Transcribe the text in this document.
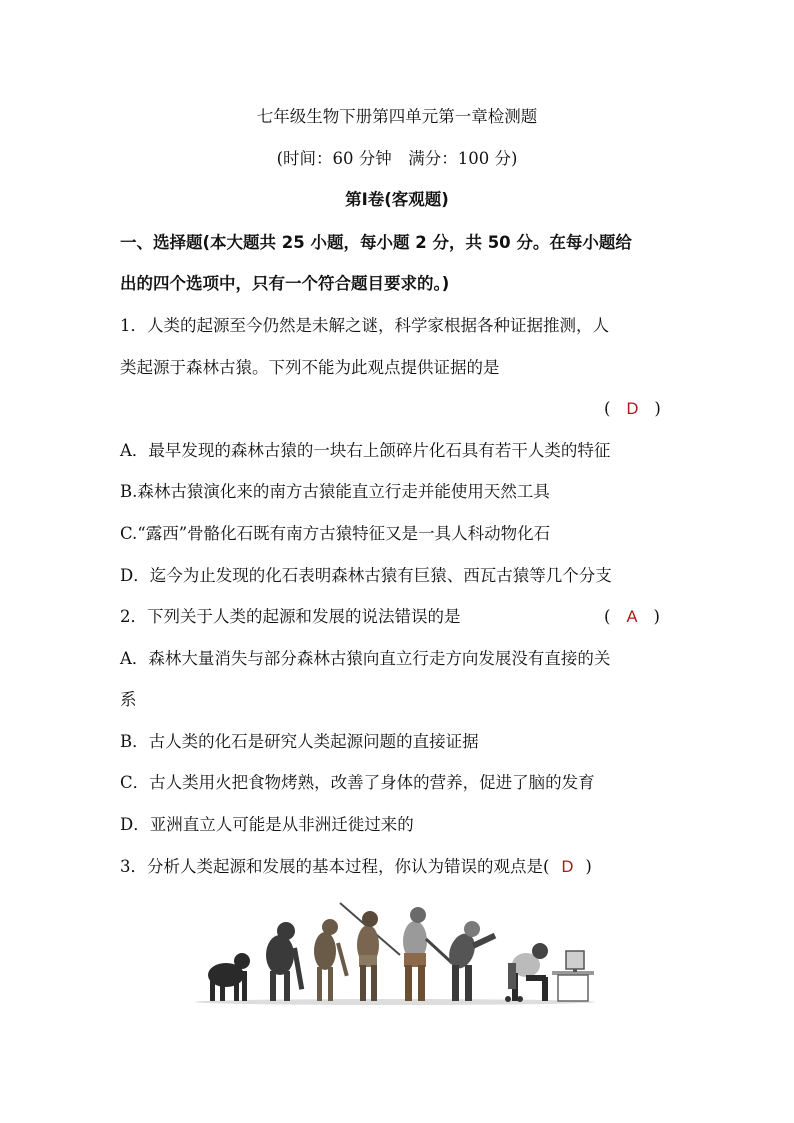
七年级生物下册第四单元第一章检测题
(时间：60 分钟　满分：100 分)
第Ⅰ卷(客观题)
一、选择题(本大题共 25 小题，每小题 2 分，共 50 分。在每小题给
出的四个选项中，只有一个符合题目要求的。)
1．人类的起源至今仍然是未解之谜，科学家根据各种证据推测，人
类起源于森林古猿。下列不能为此观点提供证据的是
( D )
A．最早发现的森林古猿的一块右上颌碎片化石具有若干人类的特征
B.森林古猿演化来的南方古猿能直立行走并能使用天然工具
C.“露西”骨骼化石既有南方古猿特征又是一具人科动物化石
D．迄今为止发现的化石表明森林古猿有巨猿、西瓦古猿等几个分支
2．下列关于人类的起源和发展的说法错误的是	( A )
A．森林大量消失与部分森林古猿向直立行走方向发展没有直接的关
系
B．古人类的化石是研究人类起源问题的直接证据
C．古人类用火把食物烤熟，改善了身体的营养，促进了脑的发育
D．亚洲直立人可能是从非洲迁徙过来的
3．分析人类起源和发展的基本过程，你认为错误的观点是( D )
